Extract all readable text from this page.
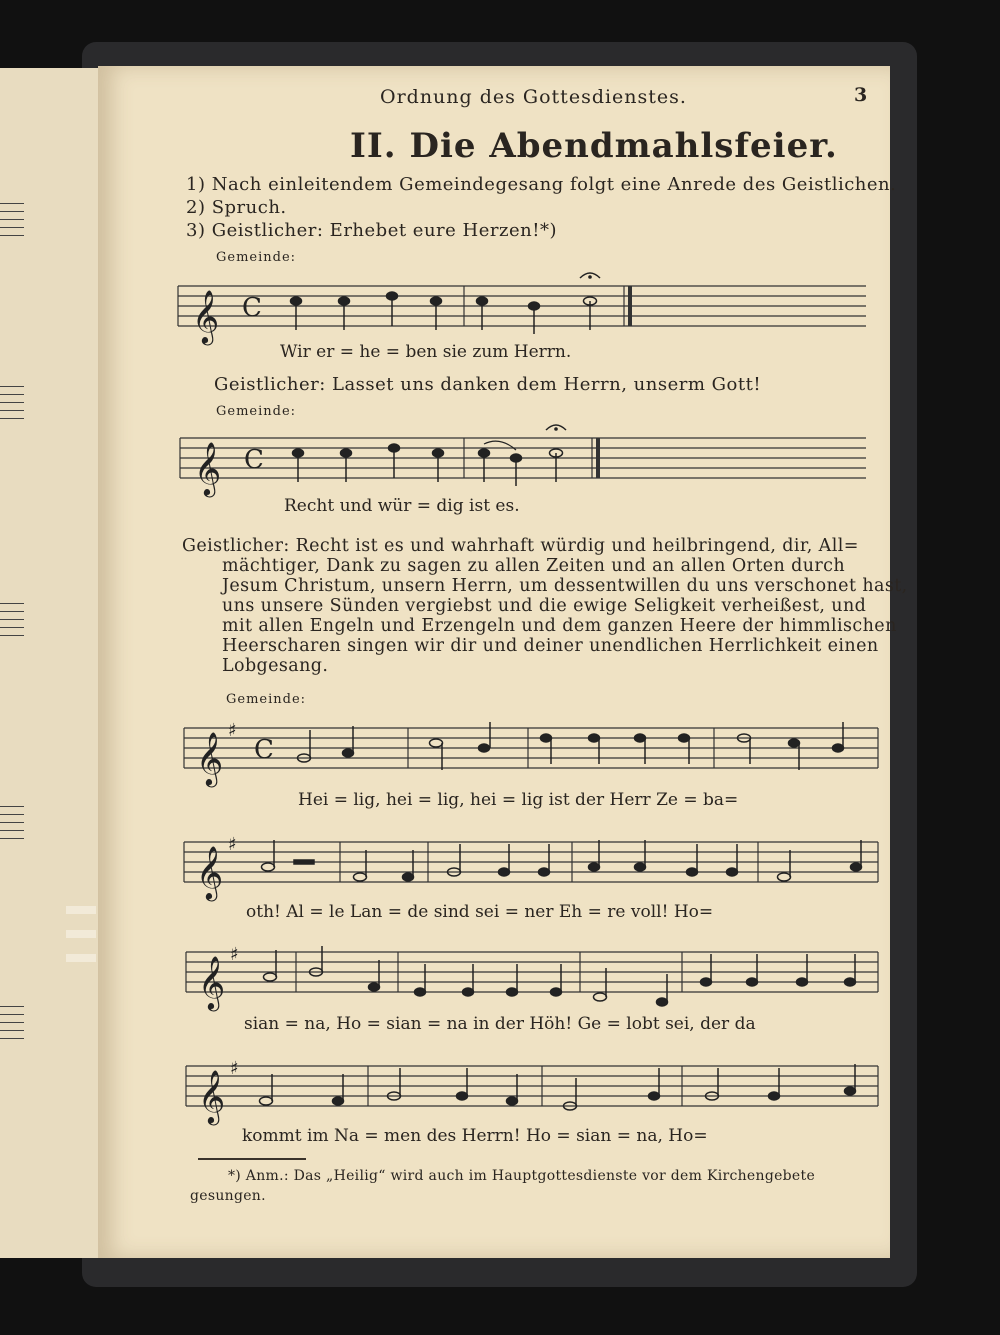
Ordnung des Gottesdienstes.	3
II. Die Abendmahlsfeier.
1) Nach einleitendem Gemeindegesang folgt eine Anrede des Geistlichen.
2) Spruch.
3) Geistlicher: Erhebet eure Herzen!*)
Gemeinde:
𝄞 C
Wir er = he = ben sie zum Herrn.
Geistlicher: Lasset uns danken dem Herrn, unserm Gott!
Gemeinde:
𝄞 C
Recht und wür = dig ist es.
Geistlicher: Recht ist es und wahrhaft würdig und heilbringend, dir, All=
mächtiger, Dank zu sagen zu allen Zeiten und an allen Orten durch
Jesum Christum, unsern Herrn, um dessentwillen du uns verschonet hast,
uns unsere Sünden vergiebst und die ewige Seligkeit verheißest, und
mit allen Engeln und Erzengeln und dem ganzen Heere der himmlischen
Heerscharen singen wir dir und deiner unendlichen Herrlichkeit einen
Lobgesang.
Gemeinde:
𝄞
♯
C
Hei = lig, hei = lig, hei = lig ist der Herr Ze = ba=
𝄞
♯
oth! Al = le Lan = de sind sei = ner Eh = re voll! Ho=
𝄞
♯
sian = na, Ho = sian = na in der Höh! Ge = lobt sei, der da
𝄞
♯
kommt im Na = men des Herrn! Ho = sian = na, Ho=
*) Anm.: Das „Heilig“ wird auch im Hauptgottesdienste vor dem Kirchengebete
gesungen.
